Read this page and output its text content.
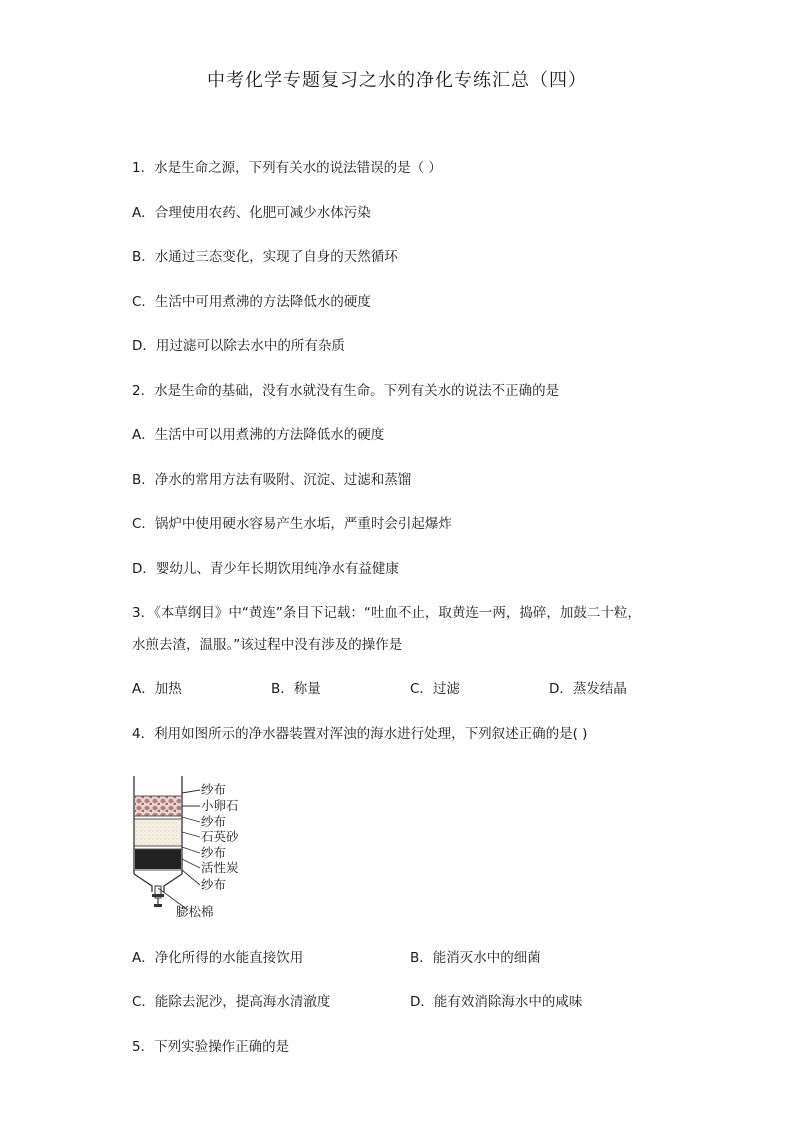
中考化学专题复习之水的净化专练汇总（四）
1．水是生命之源，下列有关水的说法错误的是（ ）
A．合理使用农药、化肥可减少水体污染
B．水通过三态变化，实现了自身的天然循环
C．生活中可用煮沸的方法降低水的硬度
D．用过滤可以除去水中的所有杂质
2．水是生命的基础，没有水就没有生命。下列有关水的说法不正确的是
A．生活中可以用煮沸的方法降低水的硬度
B．净水的常用方法有吸附、沉淀、过滤和蒸馏
C．锅炉中使用硬水容易产生水垢，严重时会引起爆炸
D．婴幼儿、青少年长期饮用纯净水有益健康
3．《本草纲目》中“黄连”条目下记载：“吐血不止，取黄连一两，捣碎，加鼓二十粒，
水煎去渣，温服。”该过程中没有涉及的操作是
A．加热	B．称量	C．过滤	D．蒸发结晶
4．利用如图所示的净水器装置对浑浊的海水进行处理，下列叙述正确的是( )
纱布
小卵石
纱布
石英砂
纱布
活性炭
纱布
膨松棉
A．净化所得的水能直接饮用	B．能消灭水中的细菌
C．能除去泥沙，提高海水清澈度	D．能有效消除海水中的咸味
5．下列实验操作正确的是
